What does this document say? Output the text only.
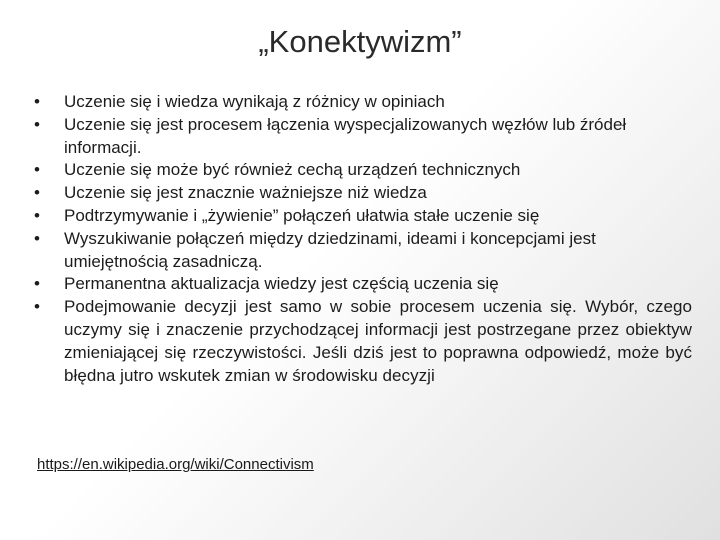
„Konektywizm”
• Uczenie się i wiedza wynikają z różnicy w opiniach
• Uczenie się jest procesem łączenia wyspecjalizowanych węzłów lub źródeł informacji.
• Uczenie się może być również cechą urządzeń technicznych
• Uczenie się jest znacznie ważniejsze niż wiedza
• Podtrzymywanie i „żywienie” połączeń ułatwia stałe uczenie się
• Wyszukiwanie połączeń między dziedzinami, ideami i koncepcjami jest umiejętnością zasadniczą.
• Permanentna aktualizacja wiedzy jest częścią uczenia się
• Podejmowanie decyzji jest samo w sobie procesem uczenia się. Wybór, czego uczymy się i znaczenie przychodzącej informacji jest postrzegane przez obiektyw zmieniającej się rzeczywistości. Jeśli dziś jest to poprawna odpowiedź, może być błędna jutro wskutek zmian w środowisku decyzji
https://en.wikipedia.org/wiki/Connectivism
